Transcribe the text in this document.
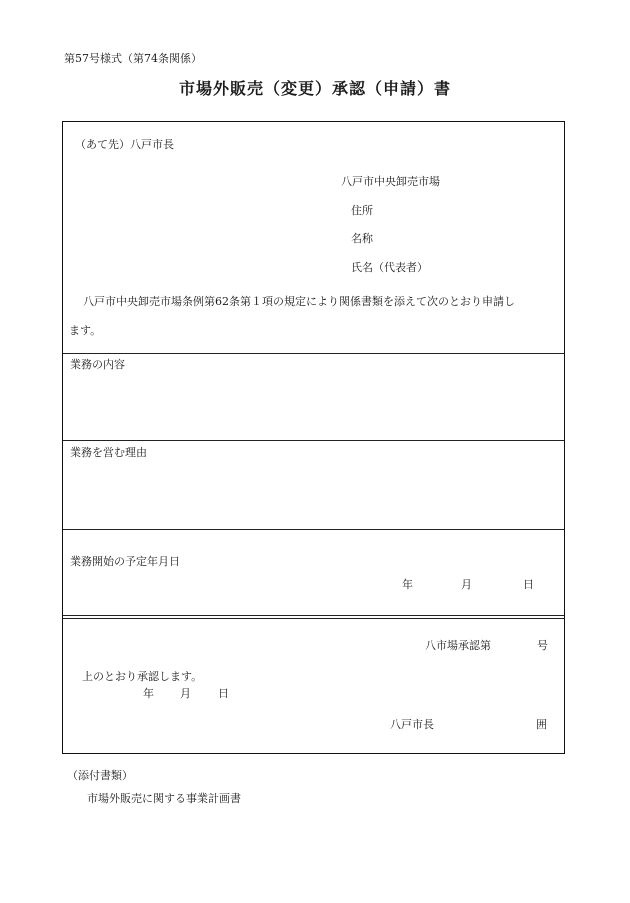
第57号様式（第74条関係）
市場外販売（変更）承認（申請）書
（あて先）八戸市長
八戸市中央卸売市場
住所
名称
氏名（代表者）
八戸市中央卸売市場条例第62条第１項の規定により関係書類を添えて次のとおり申請し
ます。
業務の内容
業務を営む理由
業務開始の予定年月日
年	月	日
八市場承認第	号
上のとおり承認します。
年 月 日
八戸市長	囲
（添付書類）
市場外販売に関する事業計画書
